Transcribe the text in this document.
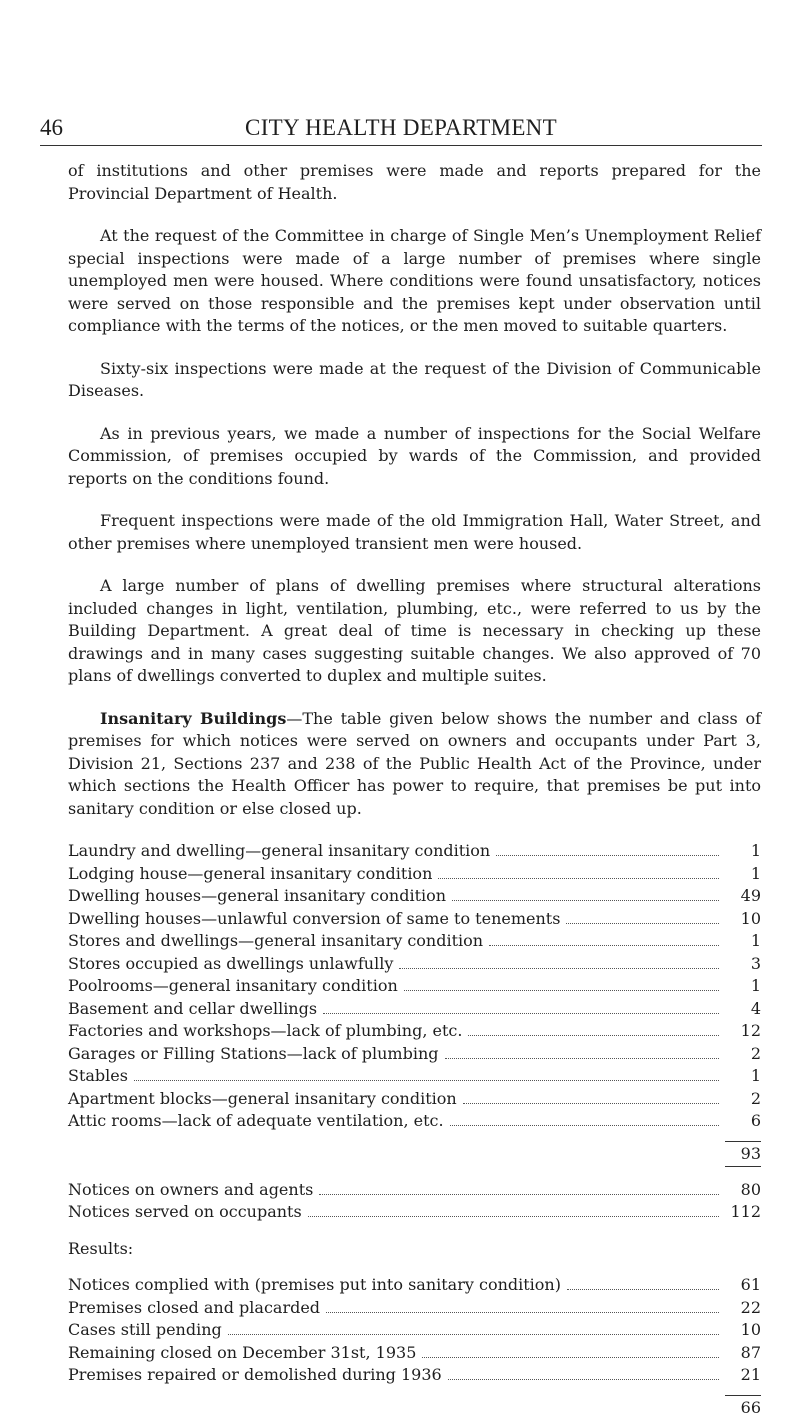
46	CITY HEALTH DEPARTMENT

of institutions and other premises were made and reports prepared for the Provincial Department of Health.

At the request of the Committee in charge of Single Men’s Unemployment Relief special inspections were made of a large number of premises where single unemployed men were housed. Where conditions were found unsatisfactory, notices were served on those responsible and the premises kept under observation until compliance with the terms of the notices, or the men moved to suitable quarters.

Sixty-six inspections were made at the request of the Division of Communicable Diseases.

As in previous years, we made a number of inspections for the Social Welfare Commission, of premises occupied by wards of the Commission, and provided reports on the conditions found.

Frequent inspections were made of the old Immigration Hall, Water Street, and other premises where unemployed transient men were housed.

A large number of plans of dwelling premises where structural alterations included changes in light, ventilation, plumbing, etc., were referred to us by the Building Department. A great deal of time is necessary in checking up these drawings and in many cases suggesting suitable changes. We also approved of 70 plans of dwellings converted to duplex and multiple suites.

Insanitary Buildings—The table given below shows the number and class of premises for which notices were served on owners and occupants under Part 3, Division 21, Sections 237 and 238 of the Public Health Act of the Province, under which sections the Health Officer has power to require, that premises be put into sanitary condition or else closed up.

Laundry and dwelling—general insanitary condition	1
Lodging house—general insanitary condition	1
Dwelling houses—general insanitary condition	49
Dwelling houses—unlawful conversion of same to tenements	10
Stores and dwellings—general insanitary condition	1
Stores occupied as dwellings unlawfully	3
Poolrooms—general insanitary condition	1
Basement and cellar dwellings	4
Factories and workshops—lack of plumbing, etc.	12
Garages or Filling Stations—lack of plumbing	2
Stables	1
Apartment blocks—general insanitary condition	2
Attic rooms—lack of adequate ventilation, etc.	6
93
Notices on owners and agents	80
Notices served on occupants	112
Results:
Notices complied with (premises put into sanitary condition)	61
Premises closed and placarded	22
Cases still pending	10
Remaining closed on December 31st, 1935	87
Premises repaired or demolished during 1936	21
66
